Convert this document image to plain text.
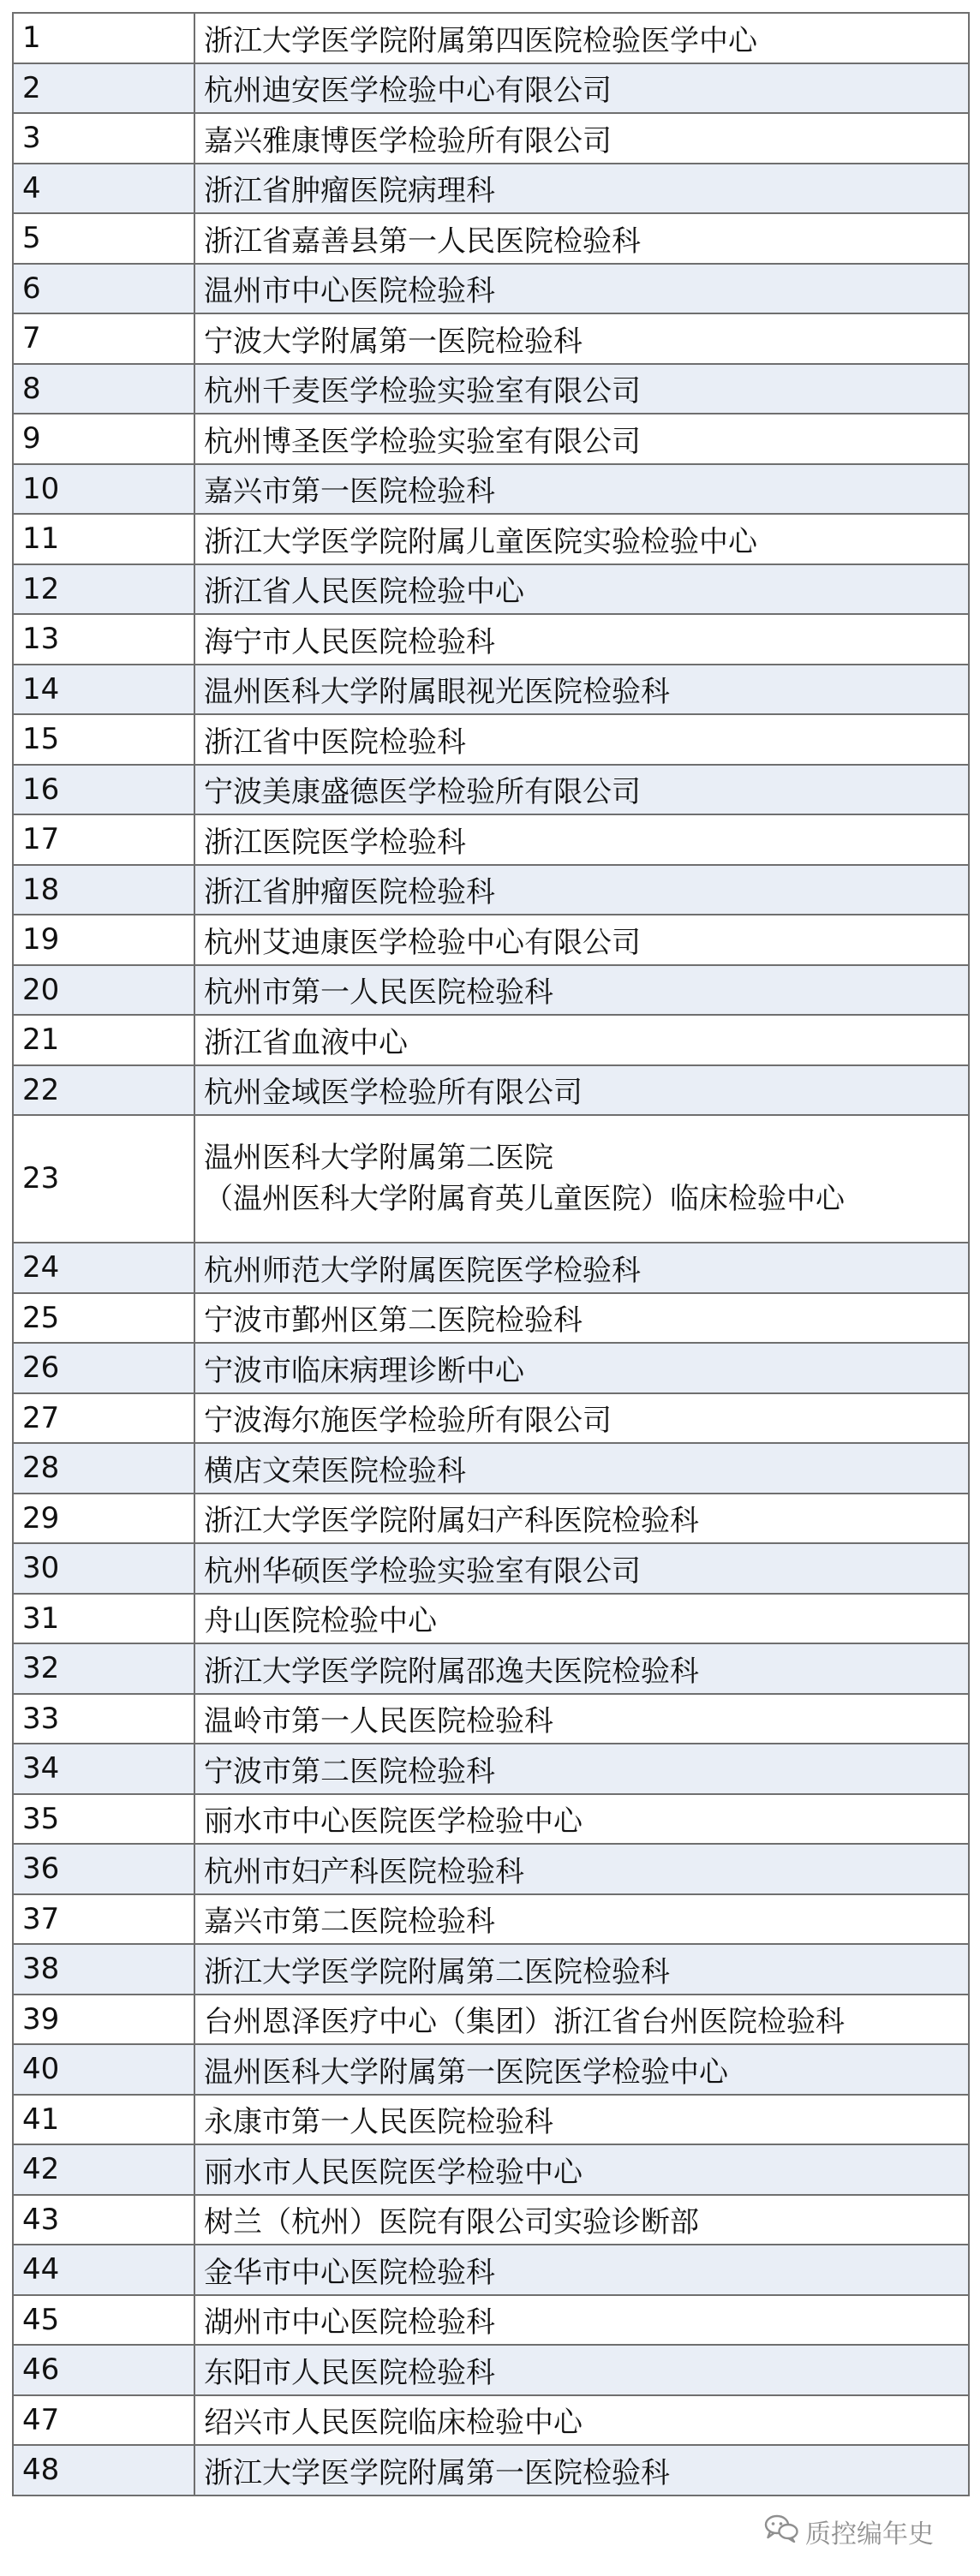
1	浙江大学医学院附属第四医院检验医学中心
2	杭州迪安医学检验中心有限公司
3	嘉兴雅康博医学检验所有限公司
4	浙江省肿瘤医院病理科
5	浙江省嘉善县第一人民医院检验科
6	温州市中心医院检验科
7	宁波大学附属第一医院检验科
8	杭州千麦医学检验实验室有限公司
9	杭州博圣医学检验实验室有限公司
10	嘉兴市第一医院检验科
11	浙江大学医学院附属儿童医院实验检验中心
12	浙江省人民医院检验中心
13	海宁市人民医院检验科
14	温州医科大学附属眼视光医院检验科
15	浙江省中医院检验科
16	宁波美康盛德医学检验所有限公司
17	浙江医院医学检验科
18	浙江省肿瘤医院检验科
19	杭州艾迪康医学检验中心有限公司
20	杭州市第一人民医院检验科
21	浙江省血液中心
22	杭州金域医学检验所有限公司
23	温州医科大学附属第二医院
（温州医科大学附属育英儿童医院）临床检验中心

24	杭州师范大学附属医院医学检验科
25	宁波市鄞州区第二医院检验科
26	宁波市临床病理诊断中心
27	宁波海尔施医学检验所有限公司
28	横店文荣医院检验科
29	浙江大学医学院附属妇产科医院检验科
30	杭州华硕医学检验实验室有限公司
31	舟山医院检验中心
32	浙江大学医学院附属邵逸夫医院检验科
33	温岭市第一人民医院检验科
34	宁波市第二医院检验科
35	丽水市中心医院医学检验中心
36	杭州市妇产科医院检验科
37	嘉兴市第二医院检验科
38	浙江大学医学院附属第二医院检验科
39	台州恩泽医疗中心（集团）浙江省台州医院检验科
40	温州医科大学附属第一医院医学检验中心
41	永康市第一人民医院检验科
42	丽水市人民医院医学检验中心
43	树兰（杭州）医院有限公司实验诊断部
44	金华市中心医院检验科
45	湖州市中心医院检验科
46	东阳市人民医院检验科
47	绍兴市人民医院临床检验中心
48	浙江大学医学院附属第一医院检验科
质控编年史
